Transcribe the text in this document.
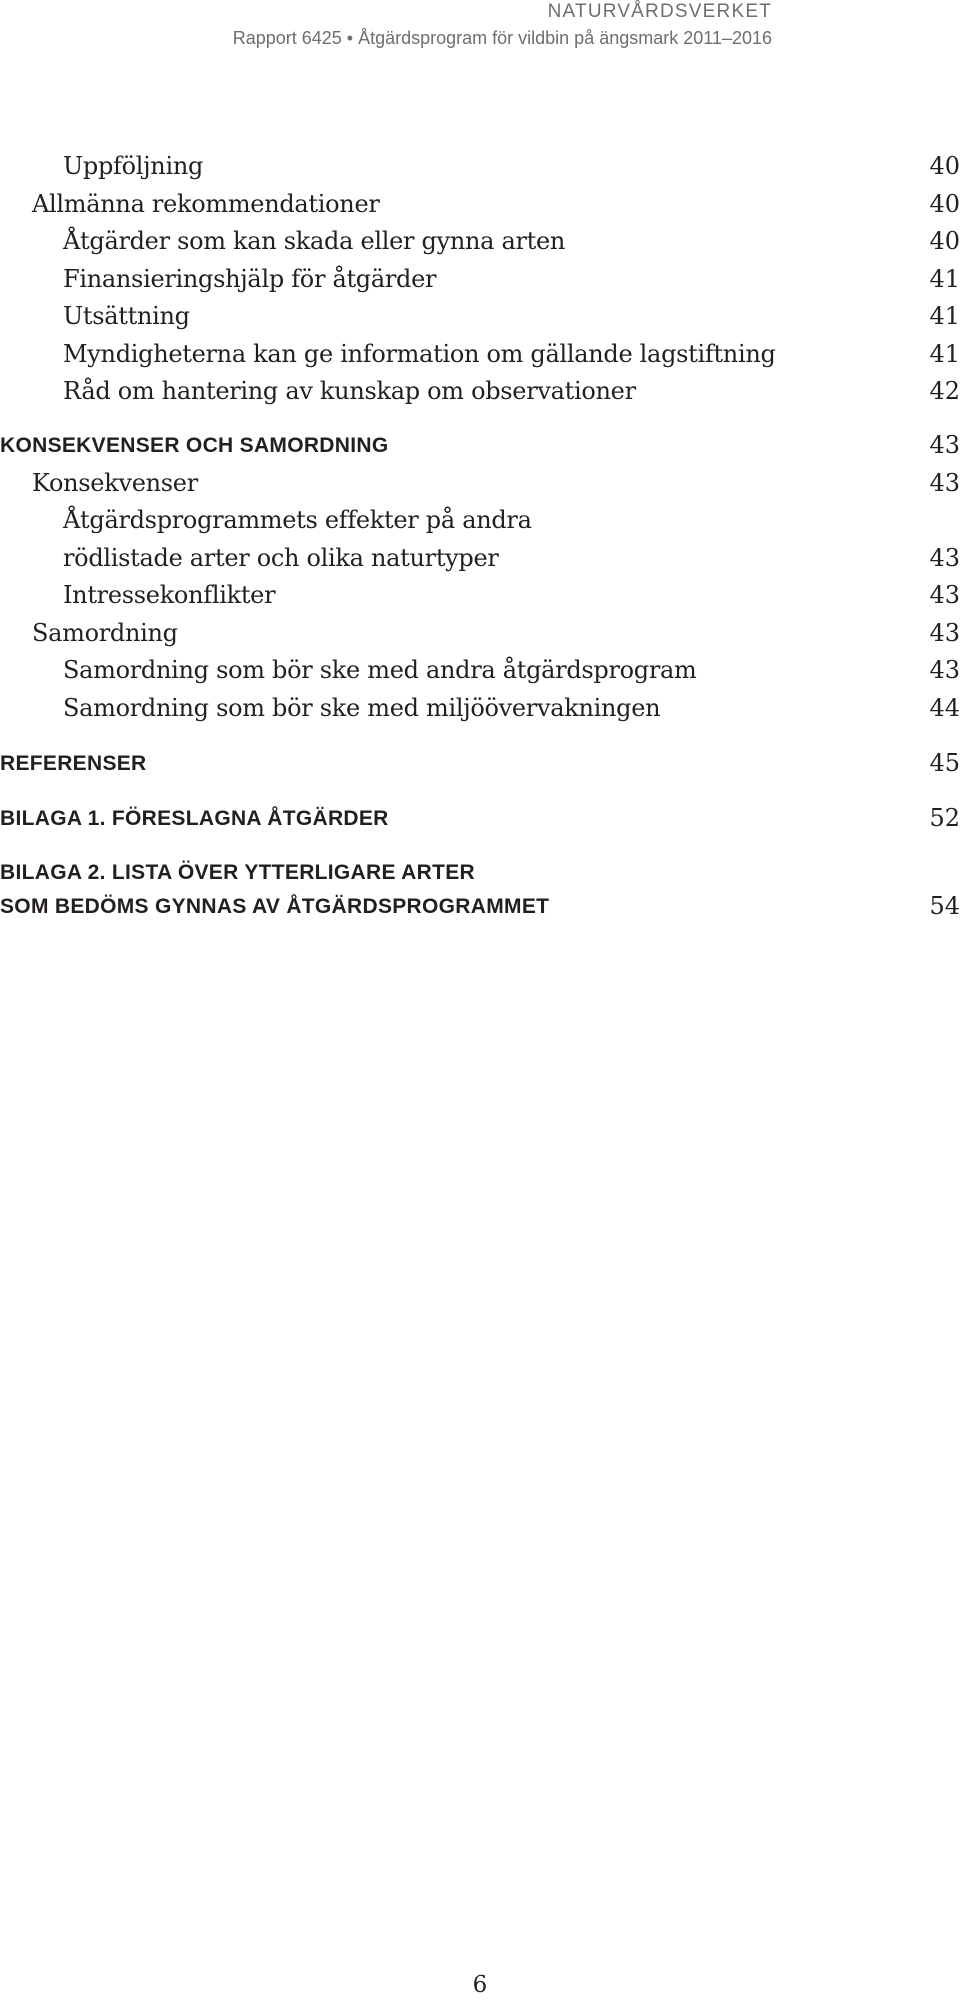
NATURVÅRDSVERKET
Rapport 6425 • Åtgärdsprogram för vildbin på ängsmark 2011–2016
Uppföljning	40
Allmänna rekommendationer	40
Åtgärder som kan skada eller gynna arten	40
Finansieringshjälp för åtgärder	41
Utsättning	41
Myndigheterna kan ge information om gällande lagstiftning	41
Råd om hantering av kunskap om observationer	42
KONSEKVENSER OCH SAMORDNING	43
Konsekvenser	43
Åtgärdsprogrammets effekter på andra
rödlistade arter och olika naturtyper	43
Intressekonflikter	43
Samordning	43
Samordning som bör ske med andra åtgärdsprogram	43
Samordning som bör ske med miljöövervakningen	44
REFERENSER	45
BILAGA 1. FÖRESLAGNA ÅTGÄRDER	52
BILAGA 2. LISTA ÖVER YTTERLIGARE ARTER
SOM BEDÖMS GYNNAS AV ÅTGÄRDSPROGRAMMET	54
6
